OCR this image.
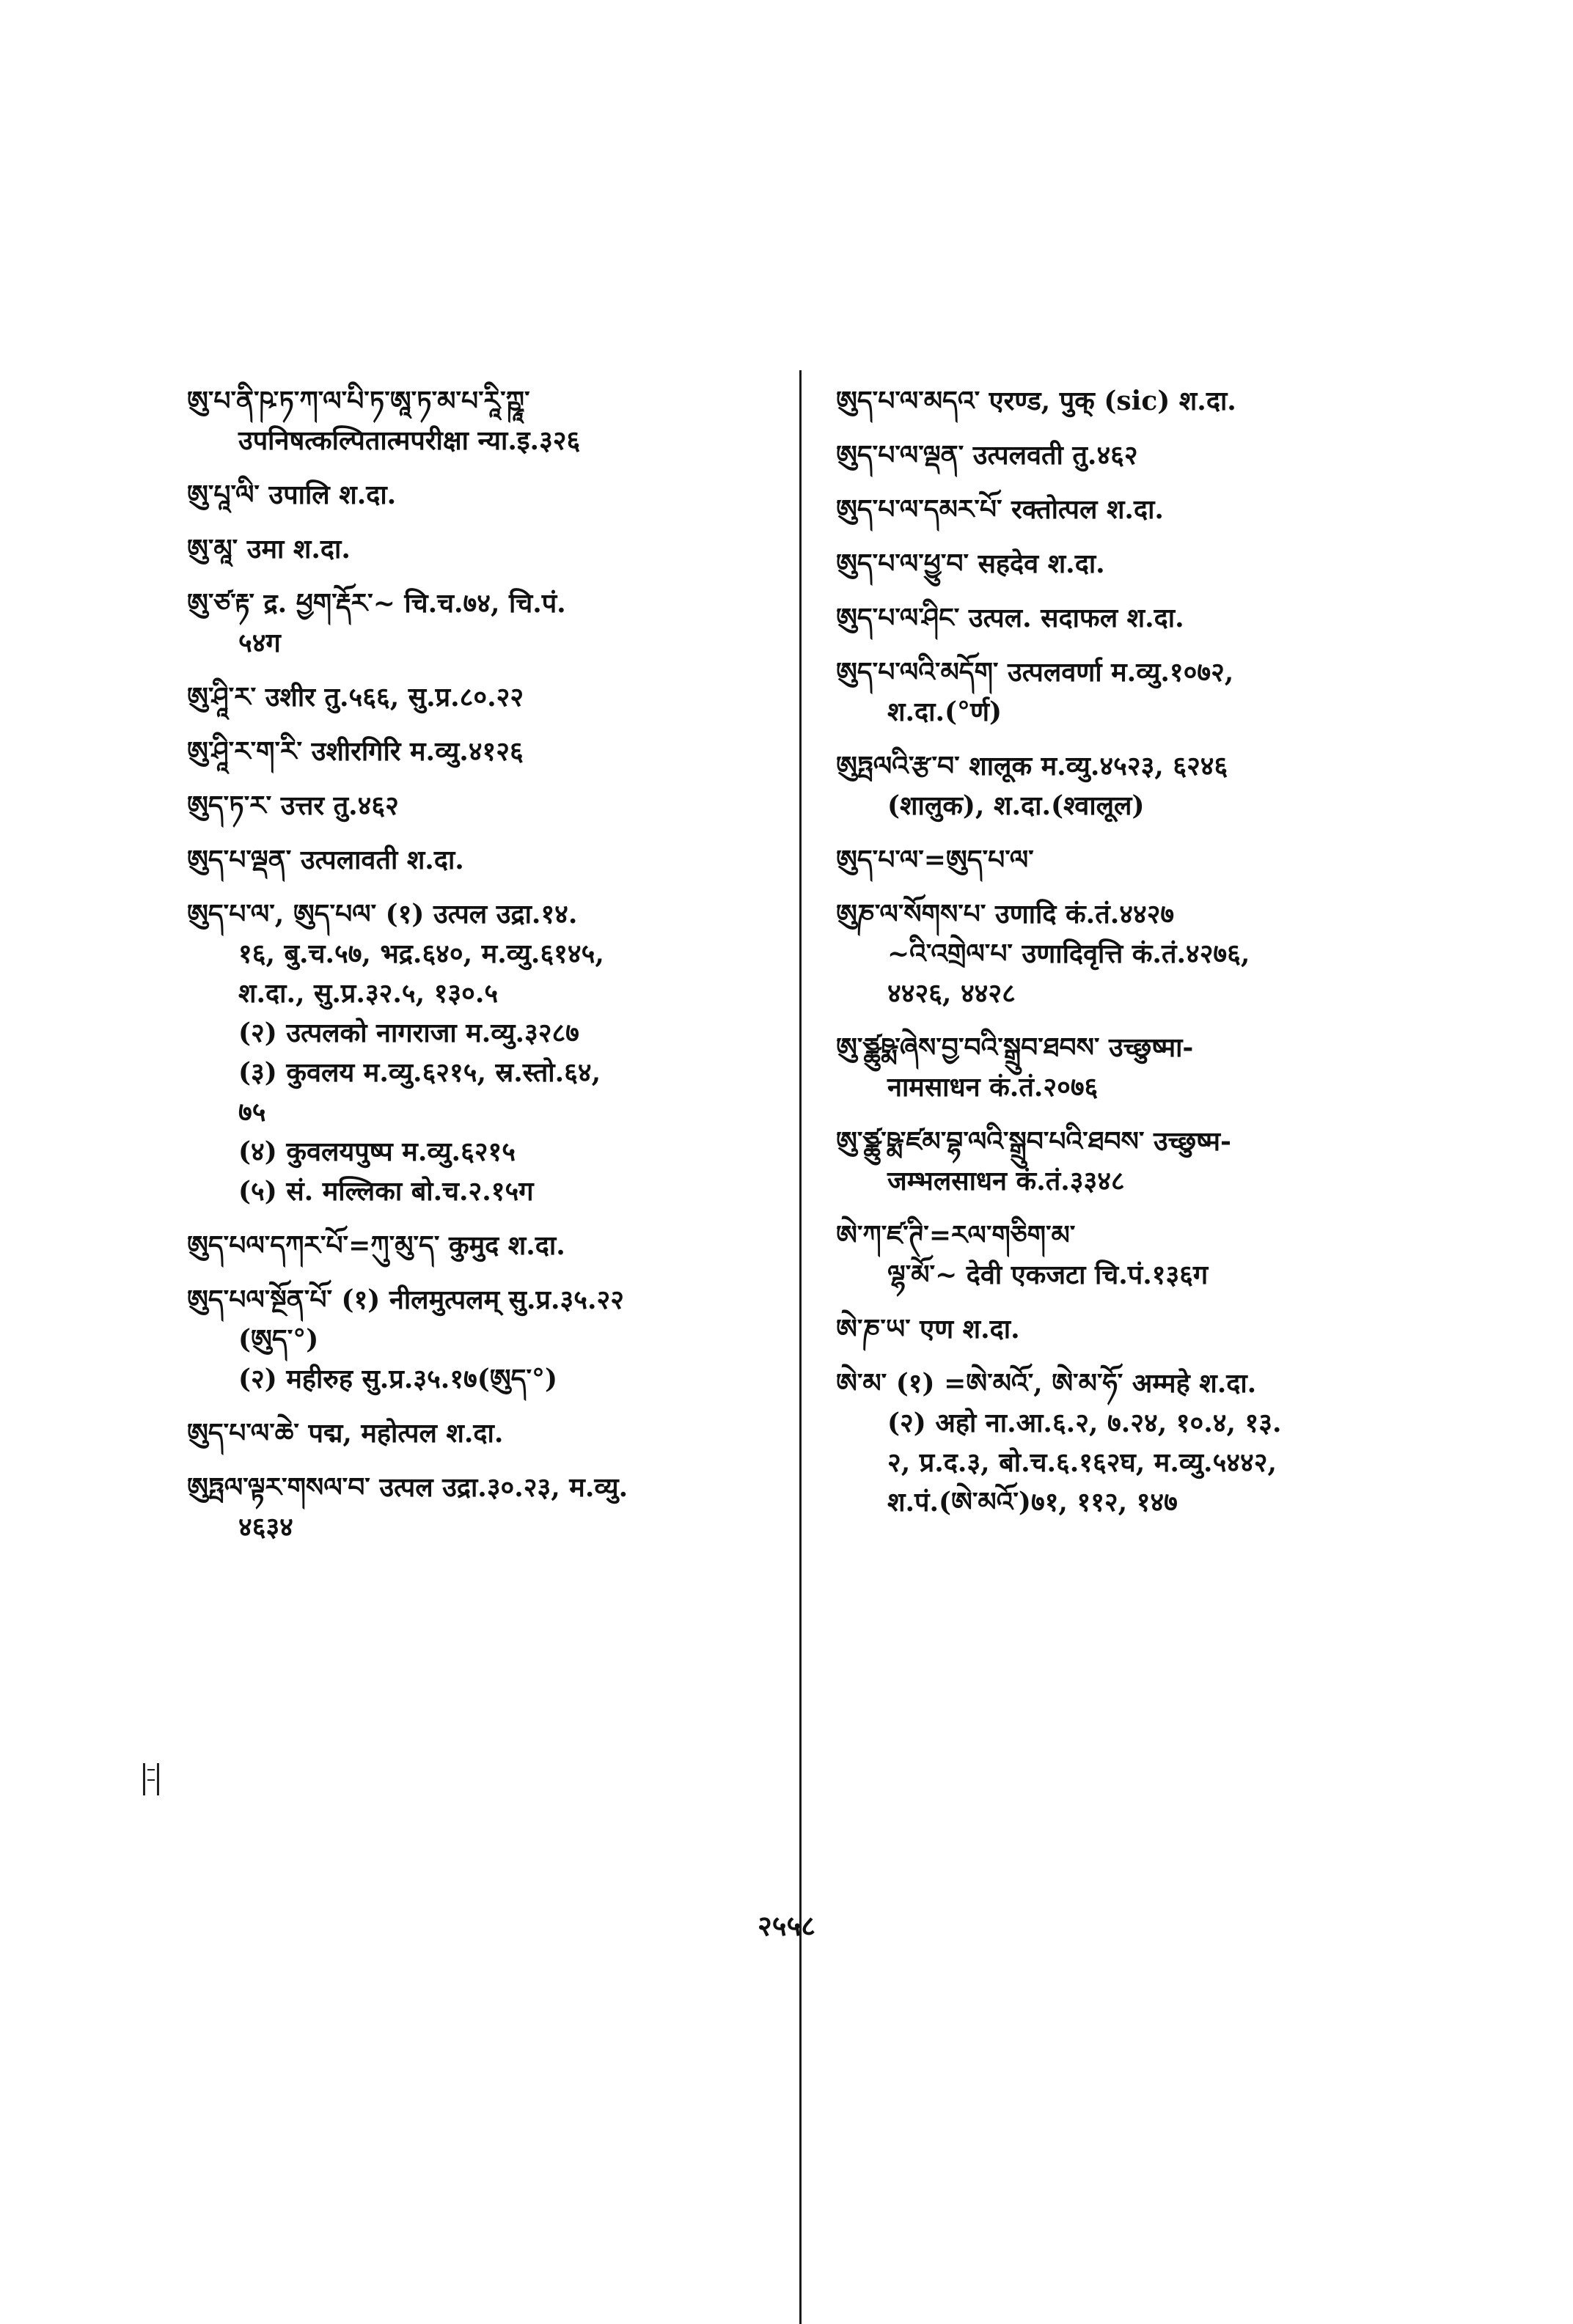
ཨུ་པ་ནི་ཥ་ཏ་ཀ་ལ་པི་ཏ་ཨཱ་ཏ་མ་པ་རཱི་ཀྵཱ་
उपनिषत्कल्पितात्मपरीक्षा न्या.इ.३२६
ཨུ་པཱ་ལི་ उपालि श.दा.
ཨུ་མཱ་ उमा श.दा.
ཨུ་ཙ་རྟ་ द्र. ཕྱག་རྡོར་~ चि.च.७४, चि.पं.
५४ग
ཨུ་ཤཱི་ར་ उशीर तु.५६६, सु.प्र.८०.२२
ཨུ་ཤཱི་ར་ག་རི་ उशीरगिरि म.व्यु.४१२६
ཨུད་ཏ་ར་ उत्तर तु.४६२
ཨུད་པ་ལྡན་ उत्पलावती श.दा.
ཨུད་པ་ལ་, ཨུད་པལ་ (१) उत्पल उद्रा.१४.
१६, बु.च.५७, भद्र.६४०, म.व्यु.६१४५,
श.दा., सु.प्र.३२.५, १३०.५
(२) उत्पलको नागराजा म.व्यु.३२८७
(३) कुवलय म.व्यु.६२१५, स्र.स्तो.६४,
७५
(४) कुवलयपुष्प म.व्यु.६२१५
(५) सं. मल्लिका बो.च.२.१५ग
ཨུད་པལ་དཀར་པོ་=ཀུ་མུ་ད་ कुमुद श.दा.
ཨུད་པལ་སྔོན་པོ་ (१) नीलमुत्पलम् सु.प्र.३५.२२
(ཨུད་°)
(२) महीरुह सु.प्र.३५.१७(ཨུད་°)
ཨུད་པ་ལ་ཆེ་ पद्म, महोत्पल श.दा.
ཨུཏྤལ་ལྟར་གསལ་བ་ उत्पल उद्रा.३०.२३, म.व्यु.
४६३४
ཨུད་པ་ལ་མདའ་ एरण्ड, पुक् (sic) श.दा.
ཨུད་པ་ལ་ལྡན་ उत्पलवती तु.४६२
ཨུད་པ་ལ་དམར་པོ་ रक्तोत्पल श.दा.
ཨུད་པ་ལ་ཕྱུ་བ་ सहदेव श.दा.
ཨུད་པ་ལ་ཤིང་ उत्पल. सदाफल श.दा.
ཨུད་པ་ལའི་མདོག་ उत्पलवर्णा म.व्यु.१०७२,
श.दा.(°र्ण)
ཨུཏྤལའི་རྩ་བ་ शालूक म.व्यु.४५२३, ६२४६
(शालुक), श.दा.(श्वालूल)
ཨུད་པ་ལ་=ཨུད་པ་ལ་
ཨུཎ་ལ་སོགས་པ་ उणादि कं.तं.४४२७
~འི་འགྲེལ་པ་ उणादिवृत्ति कं.तं.४२७६,
४४२६, ४४२८
ཨུ་ཙྪུཥྨ་ཞེས་བྱ་བའི་སྒྲུབ་ཐབས་ उच्छुष्मा-
नामसाधन कं.तं.२०७६
ཨུ་ཙྪུ་ཥྨ་ཛམ་བྷ་ལའི་སྒྲུབ་པའི་ཐབས་ उच्छुष्म-
जम्भलसाधन कं.तं.३३४८
ཨེ་ཀ་ཛ་ཊི་=རལ་གཅིག་མ་
ལྷ་མོ་~ देवी एकजटा चि.पं.१३६ग
ཨེ་ཎ་ཡ་ एण श.दा.
ཨེ་མ་ (१) =ཨེ་མའོ་, ཨེ་མ་ཧོ་ अम्महे श.दा.
(२) अहो ना.आ.६.२, ७.२४, १०.४, १३.
२, प्र.द.३, बो.च.६.१६२घ, म.व्यु.५४४२,
श.पं.(ཨེ་མའོ་)७१, ११२, १४७
२५५८
